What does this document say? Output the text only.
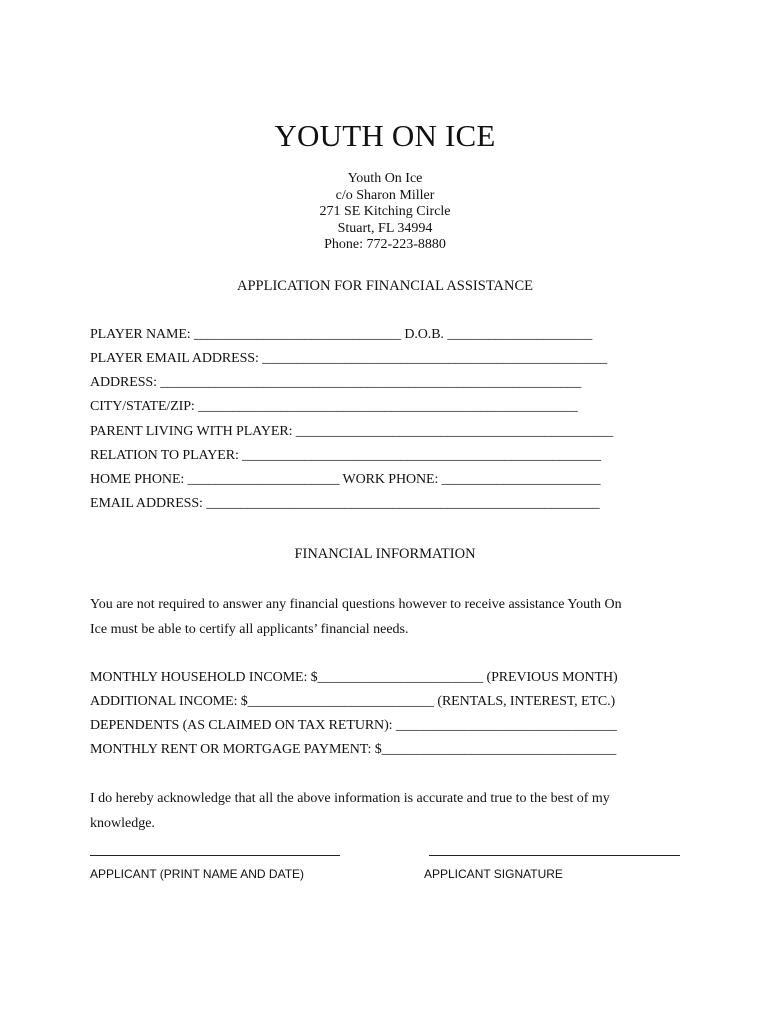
YOUTH ON ICE
Youth On Ice
c/o Sharon Miller
271 SE Kitching Circle
Stuart, FL 34994
Phone: 772-223-8880
APPLICATION FOR FINANCIAL ASSISTANCE
PLAYER NAME: ______________________________ D.O.B. _____________________
PLAYER EMAIL ADDRESS: __________________________________________________
ADDRESS: _____________________________________________________________
CITY/STATE/ZIP: _______________________________________________________
PARENT LIVING WITH PLAYER: ______________________________________________
RELATION TO PLAYER: ____________________________________________________
HOME PHONE: ______________________ WORK PHONE: _______________________
EMAIL ADDRESS: _________________________________________________________
FINANCIAL INFORMATION
You are not required to answer any financial questions however to receive assistance Youth On
Ice must be able to certify all applicants’ financial needs.
MONTHLY HOUSEHOLD INCOME: $________________________ (PREVIOUS MONTH)
ADDITIONAL INCOME: $___________________________ (RENTALS, INTEREST, ETC.)
DEPENDENTS (AS CLAIMED ON TAX RETURN): ________________________________
MONTHLY RENT OR MORTGAGE PAYMENT: $__________________________________
I do hereby acknowledge that all the above information is accurate and true to the best of my
knowledge.
APPLICANT (PRINT NAME AND DATE)	APPLICANT SIGNATURE
